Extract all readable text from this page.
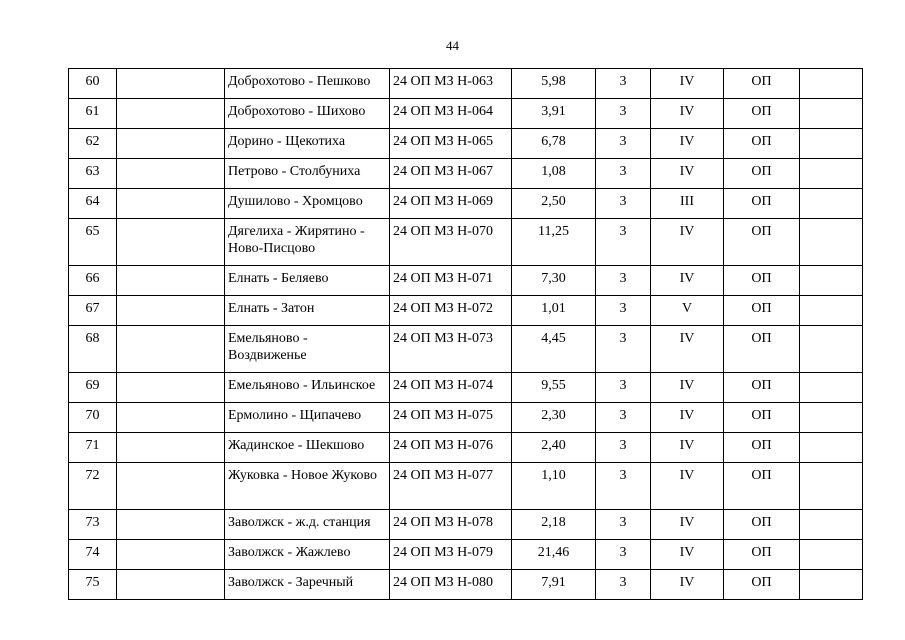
44
60		Доброхотово - Пешково	24 ОП МЗ Н-063	5,98	3	IV	ОП	
61		Доброхотово - Шихово	24 ОП МЗ Н-064	3,91	3	IV	ОП	
62		Дорино - Щекотиха	24 ОП МЗ Н-065	6,78	3	IV	ОП	
63		Петрово - Столбуниха	24 ОП МЗ Н-067	1,08	3	IV	ОП	
64		Душилово - Хромцово	24 ОП МЗ Н-069	2,50	3	III	ОП	
65		Дягелиха - Жирятино - Ново-Писцово	24 ОП МЗ Н-070	11,25	3	IV	ОП	
66		Елнать - Беляево	24 ОП МЗ Н-071	7,30	3	IV	ОП	
67		Елнать - Затон	24 ОП МЗ Н-072	1,01	3	V	ОП	
68		Емельяново - Воздвиженье	24 ОП МЗ Н-073	4,45	3	IV	ОП	
69		Емельяново - Ильинское	24 ОП МЗ Н-074	9,55	3	IV	ОП	
70		Ермолино - Щипачево	24 ОП МЗ Н-075	2,30	3	IV	ОП	
71		Жадинское - Шекшово	24 ОП МЗ Н-076	2,40	3	IV	ОП	
72		Жуковка - Новое Жуково	24 ОП МЗ Н-077	1,10	3	IV	ОП	
73		Заволжск - ж.д. станция	24 ОП МЗ Н-078	2,18	3	IV	ОП	
74		Заволжск - Жажлево	24 ОП МЗ Н-079	21,46	3	IV	ОП	
75		Заволжск - Заречный	24 ОП МЗ Н-080	7,91	3	IV	ОП	
